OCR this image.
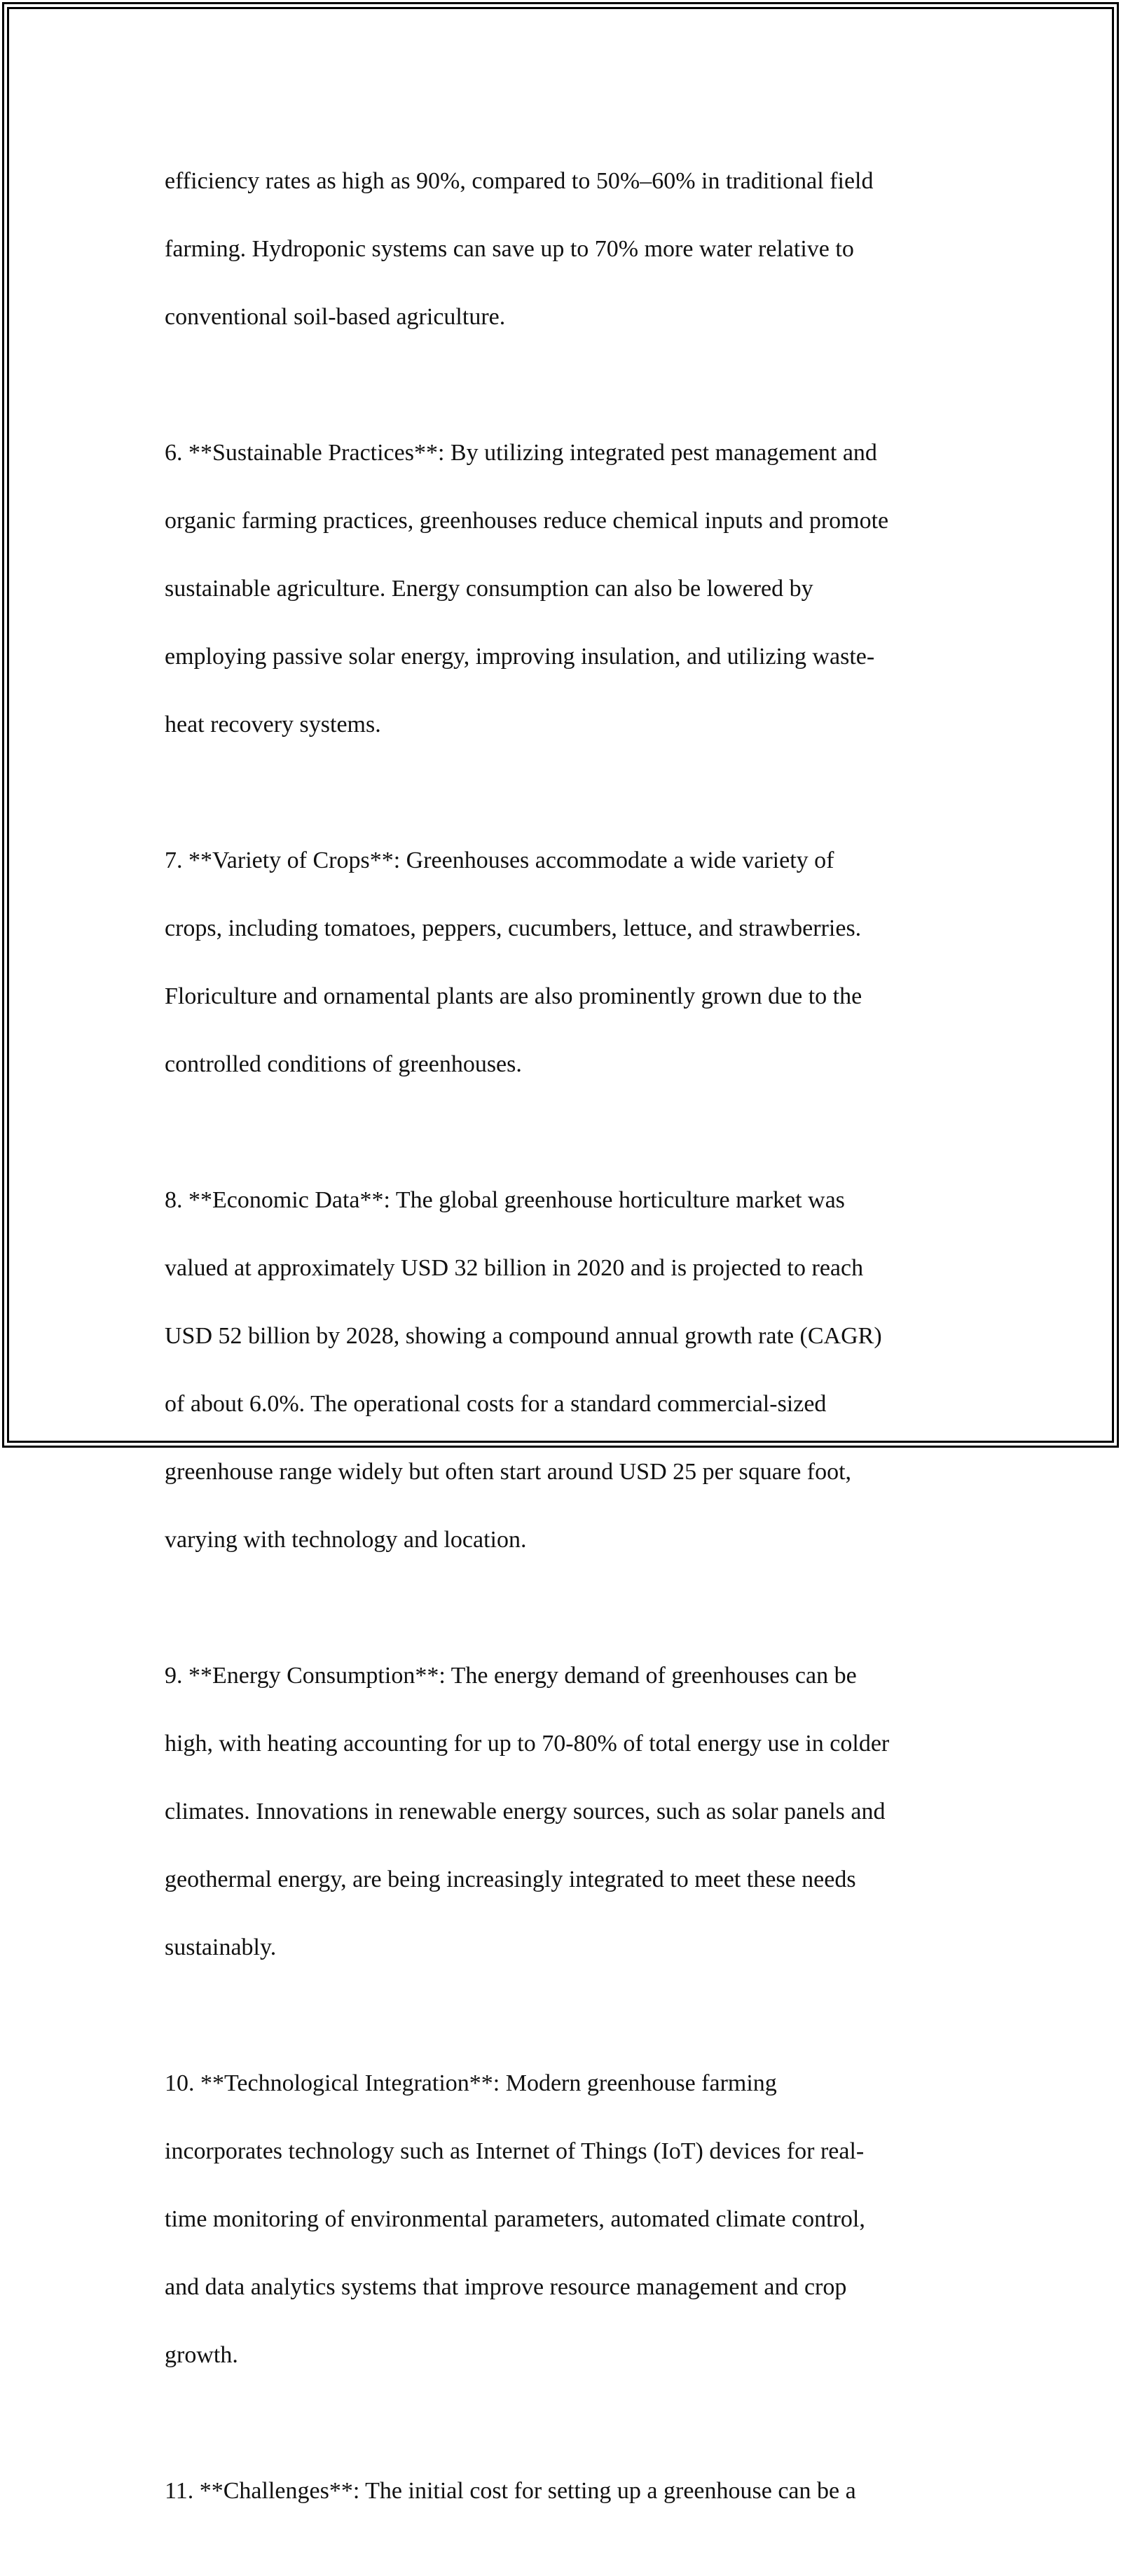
efficiency rates as high as 90%, compared to 50%–60% in traditional field

farming. Hydroponic systems can save up to 70% more water relative to

conventional soil-based agriculture.

6. **Sustainable Practices**: By utilizing integrated pest management and

organic farming practices, greenhouses reduce chemical inputs and promote

sustainable agriculture. Energy consumption can also be lowered by

employing passive solar energy, improving insulation, and utilizing waste-

heat recovery systems.

7. **Variety of Crops**: Greenhouses accommodate a wide variety of

crops, including tomatoes, peppers, cucumbers, lettuce, and strawberries.

Floriculture and ornamental plants are also prominently grown due to the

controlled conditions of greenhouses.

8. **Economic Data**: The global greenhouse horticulture market was

valued at approximately USD 32 billion in 2020 and is projected to reach

USD 52 billion by 2028, showing a compound annual growth rate (CAGR)

of about 6.0%. The operational costs for a standard commercial-sized

greenhouse range widely but often start around USD 25 per square foot,

varying with technology and location.

9. **Energy Consumption**: The energy demand of greenhouses can be

high, with heating accounting for up to 70-80% of total energy use in colder

climates. Innovations in renewable energy sources, such as solar panels and

geothermal energy, are being increasingly integrated to meet these needs

sustainably.

10. **Technological Integration**: Modern greenhouse farming

incorporates technology such as Internet of Things (IoT) devices for real-

time monitoring of environmental parameters, automated climate control,

and data analytics systems that improve resource management and crop

growth.

11. **Challenges**: The initial cost for setting up a greenhouse can be a
